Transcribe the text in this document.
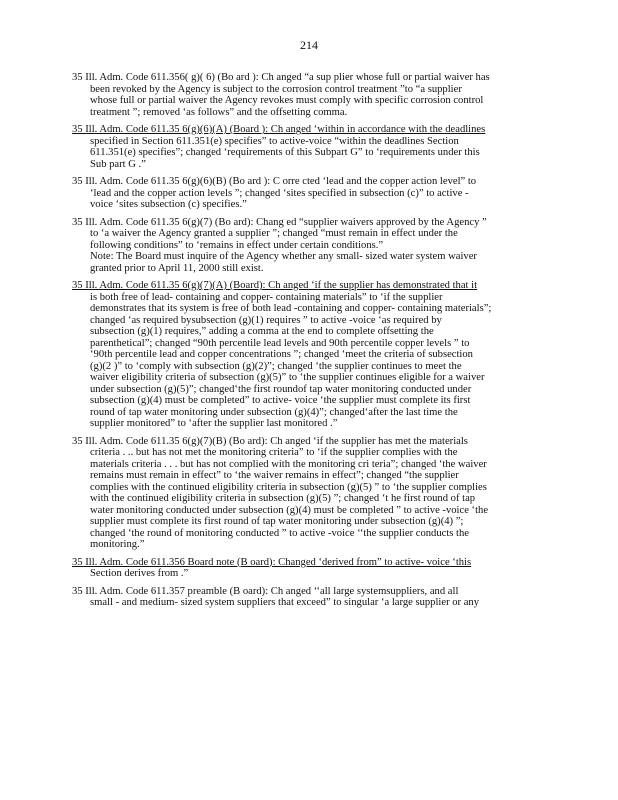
214
35 Ill. Adm. Code 611.356( g)( 6) (Bo ard ): Ch anged “a sup plier whose full or partial waiver has
been revoked by the Agency is subject to the corrosion control treatment ”to “a supplier
whose full or partial waiver the Agency revokes must comply with specific corrosion control
treatment ”; removed ‘as follows” and the offsetting comma.
35 Ill. Adm. Code 611.35 6(g)(6)(A) (Board ): Ch anged ‘within in accordance with the deadlines
specified in Section 611.351(e) specifies” to active-voice “within the deadlines Section
611.351(e) specifies”; changed ‘requirements of this Subpart G” to ‘requirements under this
Sub part G .”
35 Ill. Adm. Code 611.35 6(g)(6)(B) (Bo ard ): C orre cted ‘lead and the copper action level” to
‘lead and the copper action levels ”; changed ‘sites specified in subsection (c)” to active -
voice ‘sites subsection (c) specifies.”
35 Ill. Adm. Code 611.35 6(g)(7) (Bo ard): Chang ed “supplier waivers approved by the Agency ”
to ‘a waiver the Agency granted a supplier ”; changed “must remain in effect under the
following conditions” to ‘remains in effect under certain conditions.”
Note: The Board must inquire of the Agency whether any small- sized water system waiver
granted prior to April 11, 2000 still exist.
35 Ill. Adm. Code 611.35 6(g)(7)(A) (Board): Ch anged ‘if the supplier has demonstrated that it
is both free of lead- containing and copper- containing materials” to ‘if the supplier
demonstrates that its system is free of both lead -containing and copper- containing materials”;
changed ‘as required bysubsection (g)(1) requires ” to active -voice ‘as required by
subsection (g)(1) requires,” adding a comma at the end to complete offsetting the
parenthetical”; changed “90th percentile lead levels and 90th percentile copper levels ” to
‘90th percentile lead and copper concentrations ”; changed ‘meet the criteria of subsection
(g)(2 )” to ‘comply with subsection (g)(2)”; changed ‘the supplier continues to meet the
waiver eligibility criteria of subsection (g)(5)” to ‘the supplier continues eligible for a waiver
under subsection (g)(5)”; changed‘the first roundof tap water monitoring conducted under
subsection (g)(4) must be completed” to active- voice ‘the supplier must complete its first
round of tap water monitoring under subsection (g)(4)”; changed‘after the last time the
supplier monitored” to ‘after the supplier last monitored .”
35 Ill. Adm. Code 611.35 6(g)(7)(B) (Bo ard): Ch anged ‘if the supplier has met the materials
criteria . .. but has not met the monitoring criteria” to ‘if the supplier complies with the
materials criteria . . . but has not complied with the monitoring cri teria”; changed ‘the waiver
remains must remain in effect” to ‘the waiver remains in effect”; changed “the supplier
complies with the continued eligibility criteria in subsection (g)(5) ” to ‘the supplier complies
with the continued eligibility criteria in subsection (g)(5) ”; changed ‘t he first round of tap
water monitoring conducted under subsection (g)(4) must be completed ” to active -voice ‘the
supplier must complete its first round of tap water monitoring under subsection (g)(4) ”;
changed ‘the round of monitoring conducted ” to active -voice ‘‘the supplier conducts the
monitoring.”
35 Ill. Adm. Code 611.356 Board note (B oard): Changed ‘derived from” to active- voice ‘this
Section derives from .”
35 Ill. Adm. Code 611.357 preamble (B oard): Ch anged ‘‘all large systemsuppliers, and all
small - and medium- sized system suppliers that exceed” to singular ‘a large supplier or any
